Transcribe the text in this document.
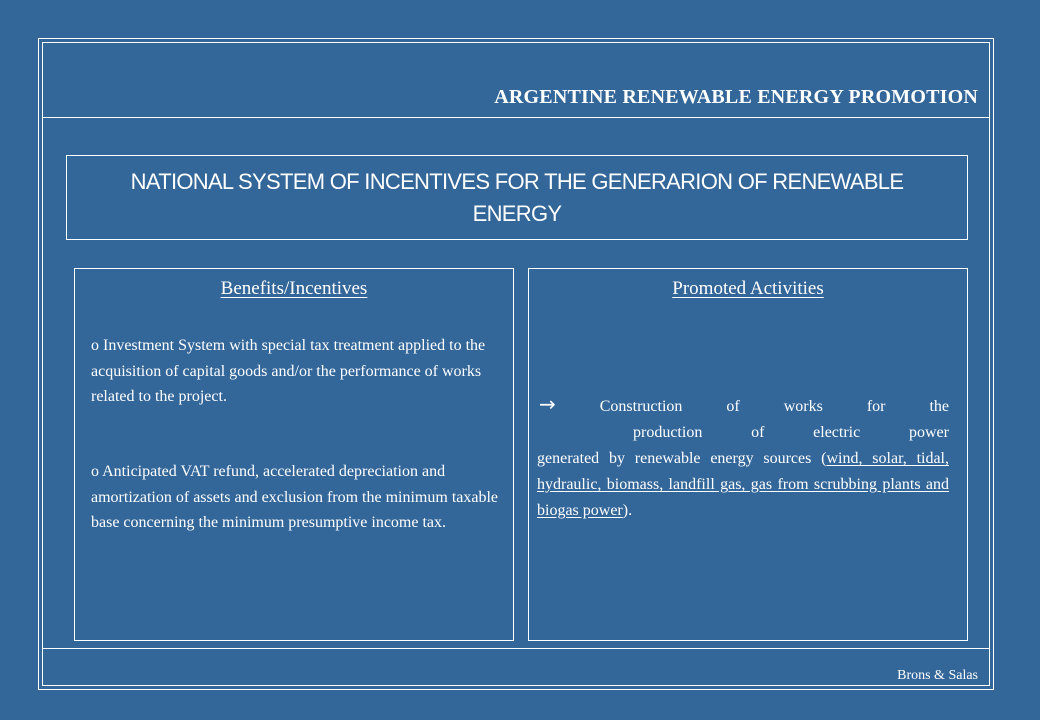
ARGENTINE RENEWABLE ENERGY PROMOTION
NATIONAL SYSTEM OF INCENTIVES FOR THE GENERARION OF RENEWABLE ENERGY
Benefits/Incentives
o Investment System with special tax treatment applied to the acquisition of capital goods and/or the performance of works related to the project.
o Anticipated VAT refund, accelerated depreciation and amortization of assets and exclusion from the minimum taxable base concerning the minimum presumptive income tax.
Promoted Activities
→	Construction	of	works	for	the
production	of	electric	power
generated by renewable energy sources (wind, solar, tidal, hydraulic, biomass, landfill gas, gas from scrubbing plants and biogas power).
Brons & Salas
